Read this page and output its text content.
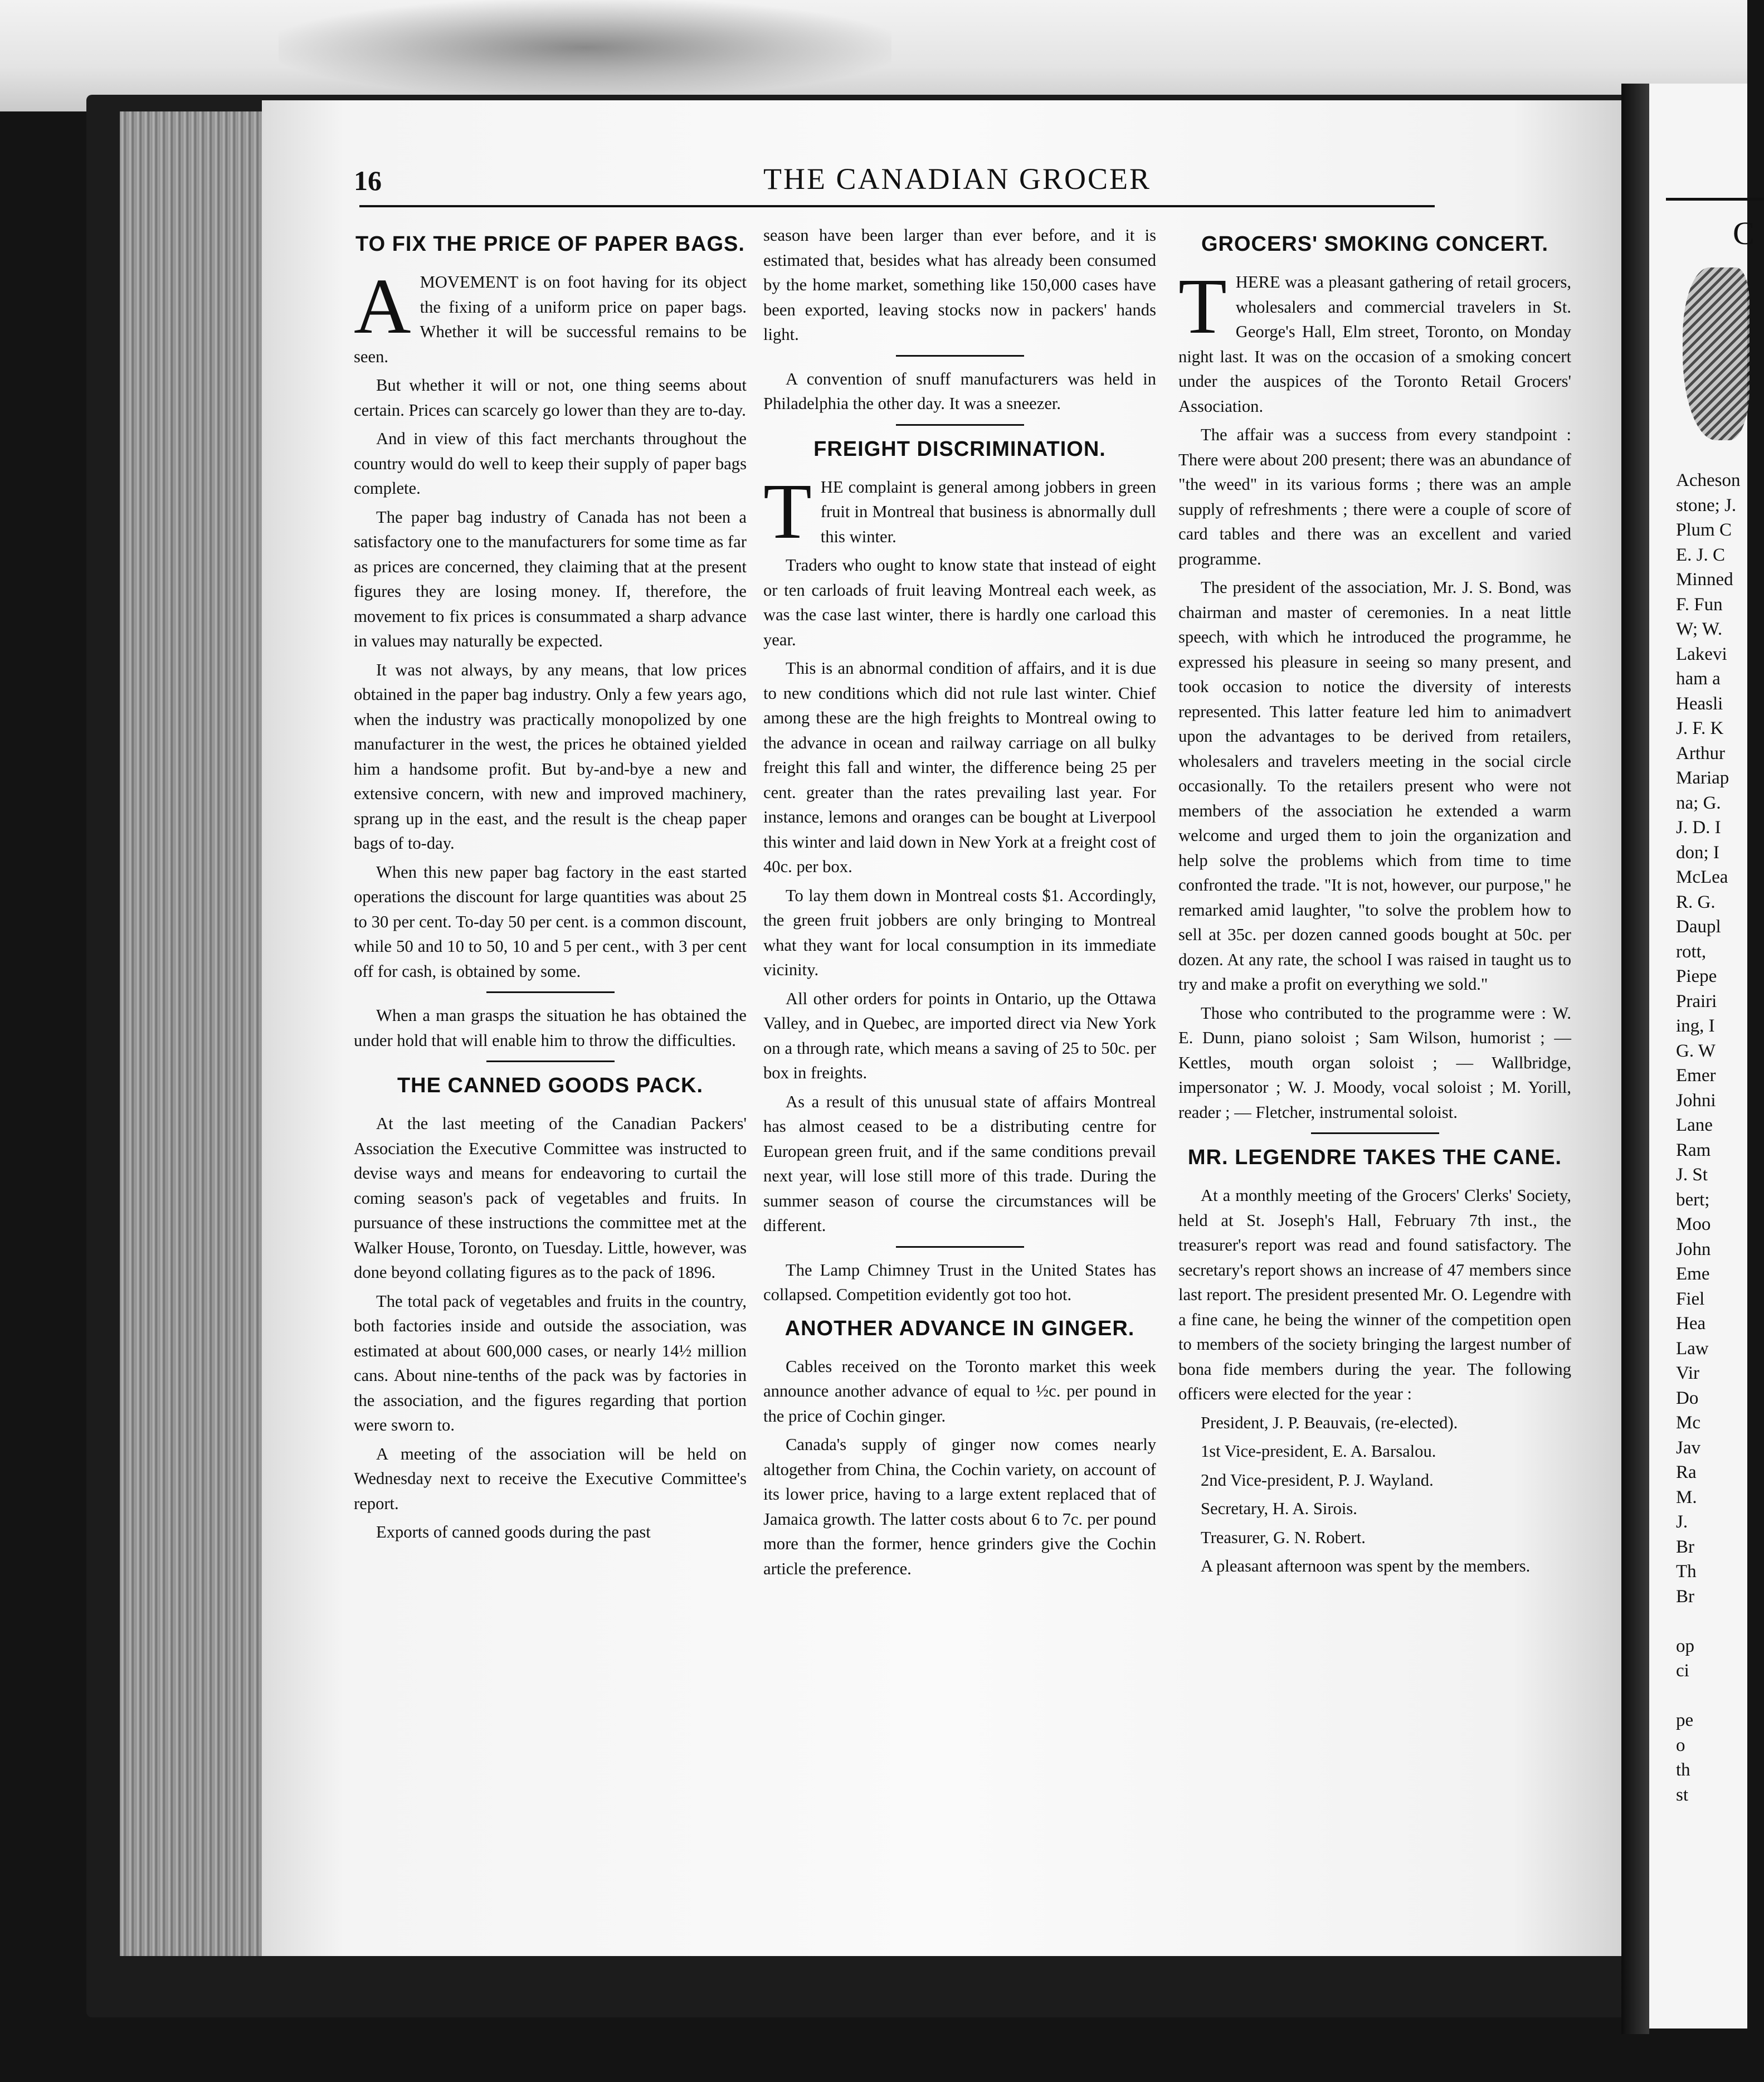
C
Acheson
stone; J.
Plum C
E. J. C
Minned
F. Fun
W; W.
Lakevi
ham a
Heasli
J. F. K
Arthur
Mariap
na; G.
J. D. I
don; I
McLea
R. G.
Daupl
rott,
Piepe
Prairi
ing, I
G. W
Emer
Johni
Lane
Ram
J. St
bert;
Moo
John
Eme
Fiel
Hea
Law
Vir
Do
Mc
Jav
Ra
M.
J.
Br
Th
Br
op
ci
pe
o
th
st
16	THE CANADIAN GROCER
TO FIX THE PRICE OF PAPER BAGS.

AMOVEMENT is on foot having for its object the fixing of a uniform price on paper bags. Whether it will be successful remains to be seen.

But whether it will or not, one thing seems about certain. Prices can scarcely go lower than they are to-day.

And in view of this fact merchants throughout the country would do well to keep their supply of paper bags complete.

The paper bag industry of Canada has not been a satisfactory one to the manufacturers for some time as far as prices are concerned, they claiming that at the present figures they are losing money. If, therefore, the movement to fix prices is consummated a sharp advance in values may naturally be expected.

It was not always, by any means, that low prices obtained in the paper bag industry. Only a few years ago, when the industry was practically monopolized by one manufacturer in the west, the prices he obtained yielded him a handsome profit. But by-and-bye a new and extensive concern, with new and improved machinery, sprang up in the east, and the result is the cheap paper bags of to-day.

When this new paper bag factory in the east started operations the discount for large quantities was about 25 to 30 per cent. To-day 50 per cent. is a common discount, while 50 and 10 to 50, 10 and 5 per cent., with 3 per cent off for cash, is obtained by some.

When a man grasps the situation he has obtained the under hold that will enable him to throw the difficulties.

THE CANNED GOODS PACK.

At the last meeting of the Canadian Packers' Association the Executive Committee was instructed to devise ways and means for endeavoring to curtail the coming season's pack of vegetables and fruits. In pursuance of these instructions the committee met at the Walker House, Toronto, on Tuesday. Little, however, was done beyond collating figures as to the pack of 1896.

The total pack of vegetables and fruits in the country, both factories inside and outside the association, was estimated at about 600,000 cases, or nearly 14½ million cans. About nine-tenths of the pack was by factories in the association, and the figures regarding that portion were sworn to.

A meeting of the association will be held on Wednesday next to receive the Executive Committee's report.

Exports of canned goods during the past

season have been larger than ever before, and it is estimated that, besides what has already been consumed by the home market, something like 150,000 cases have been exported, leaving stocks now in packers' hands light.

A convention of snuff manufacturers was held in Philadelphia the other day. It was a sneezer.

FREIGHT DISCRIMINATION.

THE complaint is general among jobbers in green fruit in Montreal that business is abnormally dull this winter.

Traders who ought to know state that instead of eight or ten carloads of fruit leaving Montreal each week, as was the case last winter, there is hardly one carload this year.

This is an abnormal condition of affairs, and it is due to new conditions which did not rule last winter. Chief among these are the high freights to Montreal owing to the advance in ocean and railway carriage on all bulky freight this fall and winter, the difference being 25 per cent. greater than the rates prevailing last year. For instance, lemons and oranges can be bought at Liverpool this winter and laid down in New York at a freight cost of 40c. per box.

To lay them down in Montreal costs $1. Accordingly, the green fruit jobbers are only bringing to Montreal what they want for local consumption in its immediate vicinity.

All other orders for points in Ontario, up the Ottawa Valley, and in Quebec, are imported direct via New York on a through rate, which means a saving of 25 to 50c. per box in freights.

As a result of this unusual state of affairs Montreal has almost ceased to be a distributing centre for European green fruit, and if the same conditions prevail next year, will lose still more of this trade. During the summer season of course the circumstances will be different.

The Lamp Chimney Trust in the United States has collapsed. Competition evidently got too hot.

ANOTHER ADVANCE IN GINGER.

Cables received on the Toronto market this week announce another advance of equal to ½c. per pound in the price of Cochin ginger.

Canada's supply of ginger now comes nearly altogether from China, the Cochin variety, on account of its lower price, having to a large extent replaced that of Jamaica growth. The latter costs about 6 to 7c. per pound more than the former, hence grinders give the Cochin article the preference.

GROCERS' SMOKING CONCERT.

THERE was a pleasant gathering of retail grocers, wholesalers and commercial travelers in St. George's Hall, Elm street, Toronto, on Monday night last. It was on the occasion of a smoking concert under the auspices of the Toronto Retail Grocers' Association.

The affair was a success from every standpoint : There were about 200 present; there was an abundance of "the weed" in its various forms ; there was an ample supply of refreshments ; there were a couple of score of card tables and there was an excellent and varied programme.

The president of the association, Mr. J. S. Bond, was chairman and master of ceremonies. In a neat little speech, with which he introduced the programme, he expressed his pleasure in seeing so many present, and took occasion to notice the diversity of interests represented. This latter feature led him to animadvert upon the advantages to be derived from retailers, wholesalers and travelers meeting in the social circle occasionally. To the retailers present who were not members of the association he extended a warm welcome and urged them to join the organization and help solve the problems which from time to time confronted the trade. "It is not, however, our purpose," he remarked amid laughter, "to solve the problem how to sell at 35c. per dozen canned goods bought at 50c. per dozen. At any rate, the school I was raised in taught us to try and make a profit on everything we sold."

Those who contributed to the programme were : W. E. Dunn, piano soloist ; Sam Wilson, humorist ; — Kettles, mouth organ soloist ; — Wallbridge, impersonator ; W. J. Moody, vocal soloist ; M. Yorill, reader ; — Fletcher, instrumental soloist.

MR. LEGENDRE TAKES THE CANE.

At a monthly meeting of the Grocers' Clerks' Society, held at St. Joseph's Hall, February 7th inst., the treasurer's report was read and found satisfactory. The secretary's report shows an increase of 47 members since last report. The president presented Mr. O. Legendre with a fine cane, he being the winner of the competition open to members of the society bringing the largest number of bona fide members during the year. The following officers were elected for the year :

President, J. P. Beauvais, (re-elected).

1st Vice-president, E. A. Barsalou.

2nd Vice-president, P. J. Wayland.

Secretary, H. A. Sirois.

Treasurer, G. N. Robert.

A pleasant afternoon was spent by the members.
